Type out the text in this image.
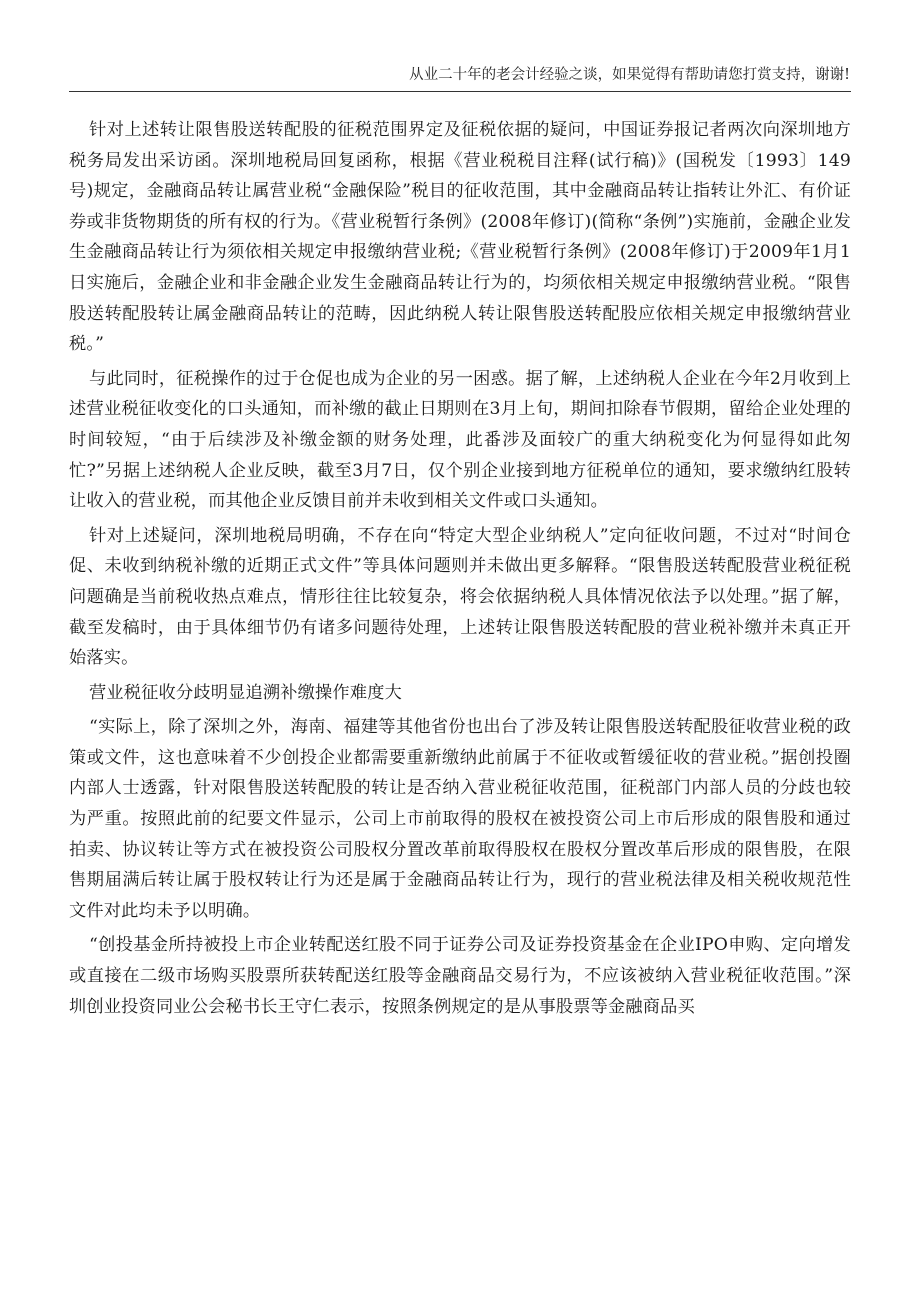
从业二十年的老会计经验之谈，如果觉得有帮助请您打赏支持，谢谢!

针对上述转让限售股送转配股的征税范围界定及征税依据的疑问，中国证券报记者两次向深圳地方税务局发出采访函。深圳地税局回复函称，根据《营业税税目注释(试行稿)》(国税发〔1993〕149号)规定，金融商品转让属营业税“金融保险”税目的征收范围，其中金融商品转让指转让外汇、有价证券或非货物期货的所有权的行为。《营业税暂行条例》(2008年修订)(简称“条例”)实施前，金融企业发生金融商品转让行为须依相关规定申报缴纳营业税;《营业税暂行条例》(2008年修订)于2009年1月1日实施后，金融企业和非金融企业发生金融商品转让行为的，均须依相关规定申报缴纳营业税。“限售股送转配股转让属金融商品转让的范畴，因此纳税人转让限售股送转配股应依相关规定申报缴纳营业税。”

与此同时，征税操作的过于仓促也成为企业的另一困惑。据了解，上述纳税人企业在今年2月收到上述营业税征收变化的口头通知，而补缴的截止日期则在3月上旬，期间扣除春节假期，留给企业处理的时间较短，“由于后续涉及补缴金额的财务处理，此番涉及面较广的重大纳税变化为何显得如此匆忙?”另据上述纳税人企业反映，截至3月7日，仅个别企业接到地方征税单位的通知，要求缴纳红股转让收入的营业税，而其他企业反馈目前并未收到相关文件或口头通知。

针对上述疑问，深圳地税局明确，不存在向“特定大型企业纳税人”定向征收问题，不过对“时间仓促、未收到纳税补缴的近期正式文件”等具体问题则并未做出更多解释。“限售股送转配股营业税征税问题确是当前税收热点难点，情形往往比较复杂，将会依据纳税人具体情况依法予以处理。”据了解，截至发稿时，由于具体细节仍有诸多问题待处理，上述转让限售股送转配股的营业税补缴并未真正开始落实。

营业税征收分歧明显追溯补缴操作难度大

“实际上，除了深圳之外，海南、福建等其他省份也出台了涉及转让限售股送转配股征收营业税的政策或文件，这也意味着不少创投企业都需要重新缴纳此前属于不征收或暂缓征收的营业税。”据创投圈内部人士透露，针对限售股送转配股的转让是否纳入营业税征收范围，征税部门内部人员的分歧也较为严重。按照此前的纪要文件显示，公司上市前取得的股权在被投资公司上市后形成的限售股和通过拍卖、协议转让等方式在被投资公司股权分置改革前取得股权在股权分置改革后形成的限售股，在限售期届满后转让属于股权转让行为还是属于金融商品转让行为，现行的营业税法律及相关税收规范性文件对此均未予以明确。

“创投基金所持被投上市企业转配送红股不同于证券公司及证券投资基金在企业IPO申购、定向增发或直接在二级市场购买股票所获转配送红股等金融商品交易行为，不应该被纳入营业税征收范围。”深圳创业投资同业公会秘书长王守仁表示，按照条例规定的是从事股票等金融商品买
